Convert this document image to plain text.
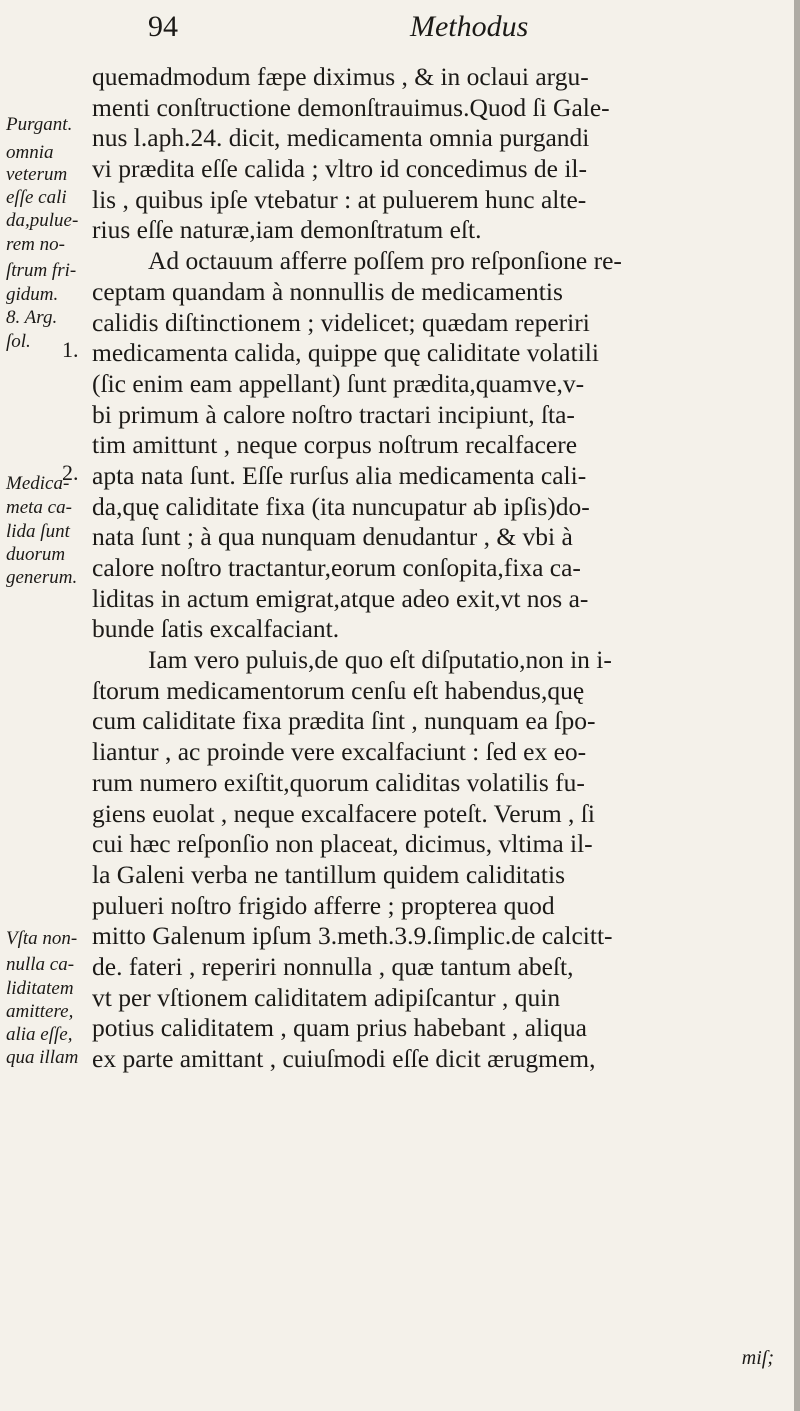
94	Methodus
Purgant.
omnia
veterum
eſſe cali
da,pulue-
rem no-
ſtrum fri-
gidum.
8. Arg.
ſol.
Medica-
meta ca-
lida ſunt
duorum
generum.
Vſta non-
nulla ca-
liditatem
amittere,
alia eſſe,
qua illam
1.
2.
quemadmodum fæpe diximus , & in oclaui argu-
menti conſtructione demonſtrauimus.Quod ſi Gale-
nus l.aph.24. dicit, medicamenta omnia purgandi
vi prædita eſſe calida ; vltro id concedimus de il-
lis , quibus ipſe vtebatur : at puluerem hunc alte-
rius eſſe naturæ,iam demonſtratum eſt.
Ad octauum afferre poſſem pro reſponſione re-
ceptam quandam à nonnullis de medicamentis
calidis diſtinctionem ; videlicet; quædam reperiri
medicamenta calida, quippe quę caliditate volatili
(ſic enim eam appellant) ſunt prædita,quamve,v-
bi primum à calore noſtro tractari incipiunt, ſta-
tim amittunt , neque corpus noſtrum recalfacere
apta nata ſunt. Eſſe rurſus alia medicamenta cali-
da,quę caliditate fixa (ita nuncupatur ab ipſis)do-
nata ſunt ; à qua nunquam denudantur , & vbi à
calore noſtro tractantur,eorum conſopita,fixa ca-
liditas in actum emigrat,atque adeo exit,vt nos a-
bunde ſatis excalfaciant.
Iam vero puluis,de quo eſt diſputatio,non in i-
ſtorum medicamentorum cenſu eſt habendus,quę
cum caliditate fixa prædita ſint , nunquam ea ſpo-
liantur , ac proinde vere excalfaciunt : ſed ex eo-
rum numero exiſtit,quorum caliditas volatilis fu-
giens euolat , neque excalfacere poteſt. Verum , ſi
cui hæc reſponſio non placeat, dicimus, vltima il-
la Galeni verba ne tantillum quidem caliditatis
pulueri noſtro frigido afferre ; propterea quod
mitto Galenum ipſum 3.meth.3.9.ſimplic.de calcitt-
de. fateri , reperiri nonnulla , quæ tantum abeſt,
vt per vſtionem caliditatem adipiſcantur , quin
potius caliditatem , quam prius habebant , aliqua
ex parte amittant , cuiuſmodi eſſe dicit ærugmem,
miſ;
